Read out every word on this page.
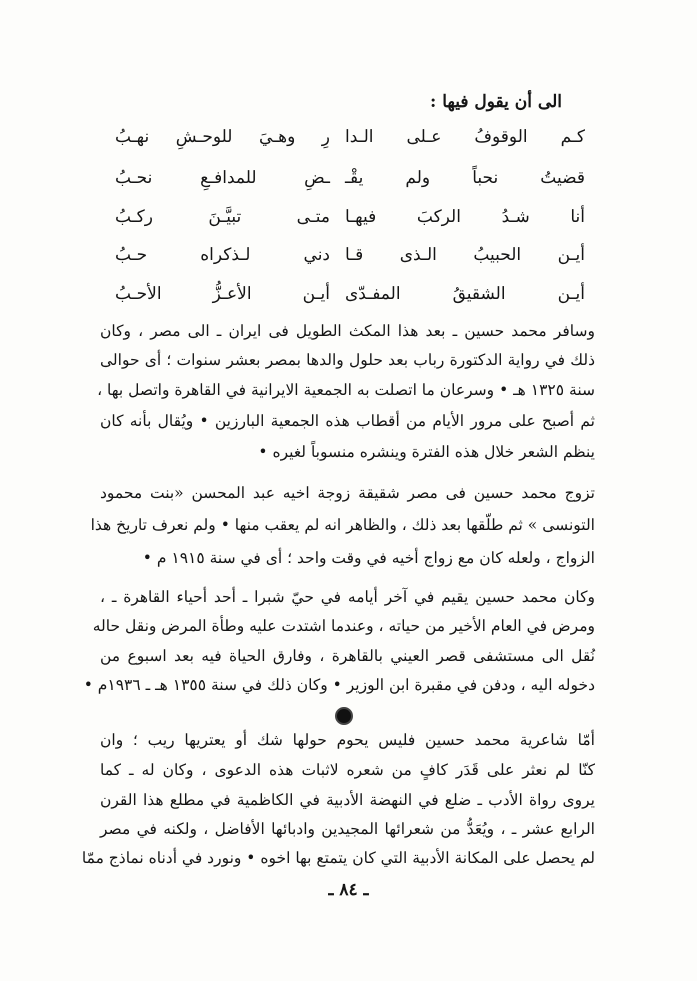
الى أن يقول فيها :
كـم الوقوفُ عـلى الـدا
رِ وهـيَ للوحـشِ نهـبُ
قضيتُ نحباً ولم يقْـ
ـضِ للمدافـعِ نحـبُ
أنا شـدُ الركبَ فيهـا
متـى تبيَّـنَ ركـبُ
أيـن الحبيبُ الـذى قـا
دني لـذكراه حـبُ
أيـن الشقيقُ المفـدّى
أيـن الأعـزُّ الأحـبُ
وسافر محمد حسين ـ بعد هذا المكث الطويل فى ايران ـ الى مصر ، وكان
ذلك في رواية الدكتورة رباب بعد حلول والدها بمصر بعشر سنوات ؛ أى حوالى
سنة ١٣٢٥ هـ • وسرعان ما اتصلت به الجمعية الايرانية في القاهرة واتصل بها ،
ثم أصبح على مرور الأيام من أقطاب هذه الجمعية البارزين • ويُقال بأنه كان
ينظم الشعر خلال هذه الفترة وينشره منسوباً لغيره •
تزوج محمد حسين فى مصر شقيقة زوجة اخيه عبد المحسن «بنت محمود
التونسى » ثم طلّقها بعد ذلك ، والظاهر انه لم يعقب منها • ولم نعرف تاريخ هذا
الزواج ، ولعله كان مع زواج أخيه في وقت واحد ؛ أى في سنة ١٩١٥ م •
وكان محمد حسين يقيم في آخر أيامه في حيّ شبرا ـ أحد أحياء القاهرة ـ ،
ومرض في العام الأخير من حياته ، وعندما اشتدت عليه وطأة المرض ونقل حاله
نُقل الى مستشفى قصر العيني بالقاهرة ، وفارق الحياة فيه بعد اسبوع من
دخوله اليه ، ودفن في مقبرة ابن الوزير • وكان ذلك في سنة ١٣٥٥ هـ ـ ١٩٣٦م •
أمّا شاعرية محمد حسين فليس يحوم حولها شك أو يعتريها ريب ؛ وان
كنّا لم نعثر على قَدَر كافٍ من شعره لاثبات هذه الدعوى ، وكان له ـ كما
يروى رواة الأدب ـ ضلع في النهضة الأدبية في الكاظمية في مطلع هذا القرن
الرابع عشر ـ ، ويُعَدُّ من شعرائها المجيدين وادبائها الأفاضل ، ولكنه في مصر
لم يحصل على المكانة الأدبية التي كان يتمتع بها اخوه • ونورد في أدناه نماذج ممّا
ـ ٨٤ ـ
